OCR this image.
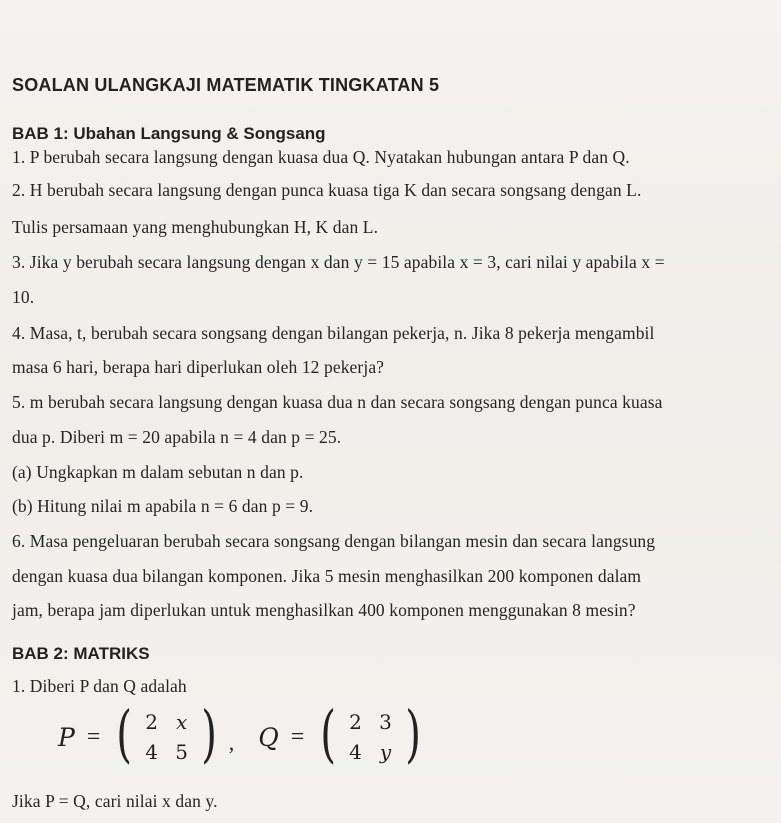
SOALAN ULANGKAJI MATEMATIK TINGKATAN 5
BAB 1: Ubahan Langsung & Songsang
1. P berubah secara langsung dengan kuasa dua Q. Nyatakan hubungan antara P dan Q.
2. H berubah secara langsung dengan punca kuasa tiga K dan secara songsang dengan L.
Tulis persamaan yang menghubungkan H, K dan L.
3. Jika y berubah secara langsung dengan x dan y = 15 apabila x = 3, cari nilai y apabila x =
10.
4. Masa, t, berubah secara songsang dengan bilangan pekerja, n. Jika 8 pekerja mengambil
masa 6 hari, berapa hari diperlukan oleh 12 pekerja?
5. m berubah secara langsung dengan kuasa dua n dan secara songsang dengan punca kuasa
dua p. Diberi m = 20 apabila n = 4 dan p = 25.
(a) Ungkapkan m dalam sebutan n dan p.
(b) Hitung nilai m apabila n = 6 dan p = 9.
6. Masa pengeluaran berubah secara songsang dengan bilangan mesin dan secara langsung
dengan kuasa dua bilangan komponen. Jika 5 mesin menghasilkan 200 komponen dalam
jam, berapa jam diperlukan untuk menghasilkan 400 komponen menggunakan 8 mesin?
BAB 2: MATRIKS
1. Diberi P dan Q adalah
P = ( 2 x
4 5 ) , Q = ( 2 3
4 y )
Jika P = Q, cari nilai x dan y.
